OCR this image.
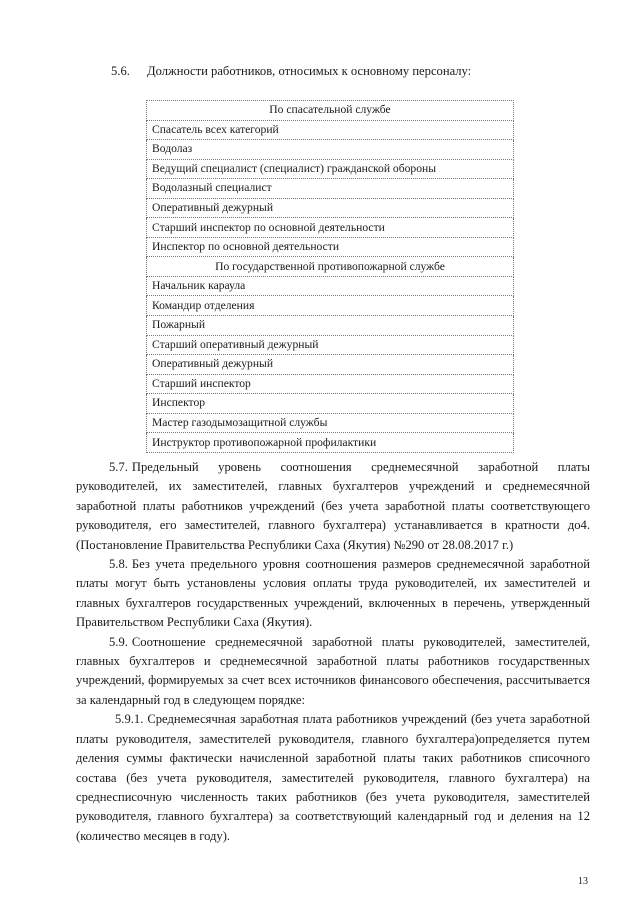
5.6. Должности работников, относимых к основному персоналу:
По спасательной службе
Спасатель всех категорий
Водолаз
Ведущий специалист (специалист) гражданской обороны
Водолазный специалист
Оперативный дежурный
Старший инспектор по основной деятельности
Инспектор по основной деятельности
По государственной противопожарной службе
Начальник караула
Командир отделения
Пожарный
Старший оперативный дежурный
Оперативный дежурный
Старший инспектор
Инспектор
Мастер газодымозащитной службы
Инструктор противопожарной профилактики

5.7. Предельный уровень соотношения среднемесячной заработной платы руководителей, их заместителей, главных бухгалтеров учреждений и среднемесячной заработной платы работников учреждений (без учета заработной платы соответствующего руководителя, его заместителей, главного бухгалтера) устанавливается в кратности до4.(Постановление Правительства Республики Саха (Якутия) №290 от 28.08.2017 г.)

5.8. Без учета предельного уровня соотношения размеров среднемесячной заработной платы могут быть установлены условия оплаты труда руководителей, их заместителей и главных бухгалтеров государственных учреждений, включенных в перечень, утвержденный Правительством Республики Саха (Якутия).

5.9. Соотношение среднемесячной заработной платы руководителей, заместителей, главных бухгалтеров и среднемесячной заработной платы работников государственных учреждений, формируемых за счет всех источников финансового обеспечения, рассчитывается за календарный год в следующем порядке:

5.9.1. Среднемесячная заработная плата работников учреждений (без учета заработной платы руководителя, заместителей руководителя, главного бухгалтера)определяется путем деления суммы фактически начисленной заработной платы таких работников списочного состава (без учета руководителя, заместителей руководителя, главного бухгалтера) на среднесписочную численность таких работников (без учета руководителя, заместителей руководителя, главного бухгалтера) за соответствующий календарный год и деления на 12 (количество месяцев в году).

13
